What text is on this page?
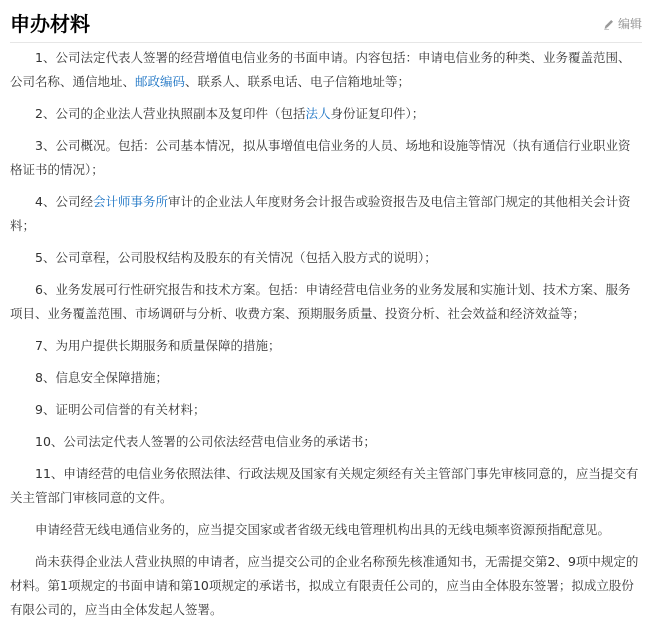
申办材料	编辑

1、公司法定代表人签署的经营增值电信业务的书面申请。内容包括：申请电信业务的种类、业务覆盖范围、公司名称、通信地址、邮政编码、联系人、联系电话、电子信箱地址等；

2、公司的企业法人营业执照副本及复印件（包括法人身份证复印件）；

3、公司概况。包括：公司基本情况，拟从事增值电信业务的人员、场地和设施等情况（执有通信行业职业资格证书的情况）；

4、公司经会计师事务所审计的企业法人年度财务会计报告或验资报告及电信主管部门规定的其他相关会计资料；

5、公司章程，公司股权结构及股东的有关情况（包括入股方式的说明）；

6、业务发展可行性研究报告和技术方案。包括：申请经营电信业务的业务发展和实施计划、技术方案、服务项目、业务覆盖范围、市场调研与分析、收费方案、预期服务质量、投资分析、社会效益和经济效益等；

7、为用户提供长期服务和质量保障的措施；

8、信息安全保障措施；

9、证明公司信誉的有关材料；

10、公司法定代表人签署的公司依法经营电信业务的承诺书；

11、申请经营的电信业务依照法律、行政法规及国家有关规定须经有关主管部门事先审核同意的，应当提交有关主管部门审核同意的文件。

申请经营无线电通信业务的，应当提交国家或者省级无线电管理机构出具的无线电频率资源预指配意见。

尚未获得企业法人营业执照的申请者，应当提交公司的企业名称预先核准通知书，无需提交第2、9项中规定的材料。第1项规定的书面申请和第10项规定的承诺书，拟成立有限责任公司的，应当由全体股东签署；拟成立股份有限公司的，应当由全体发起人签署。
